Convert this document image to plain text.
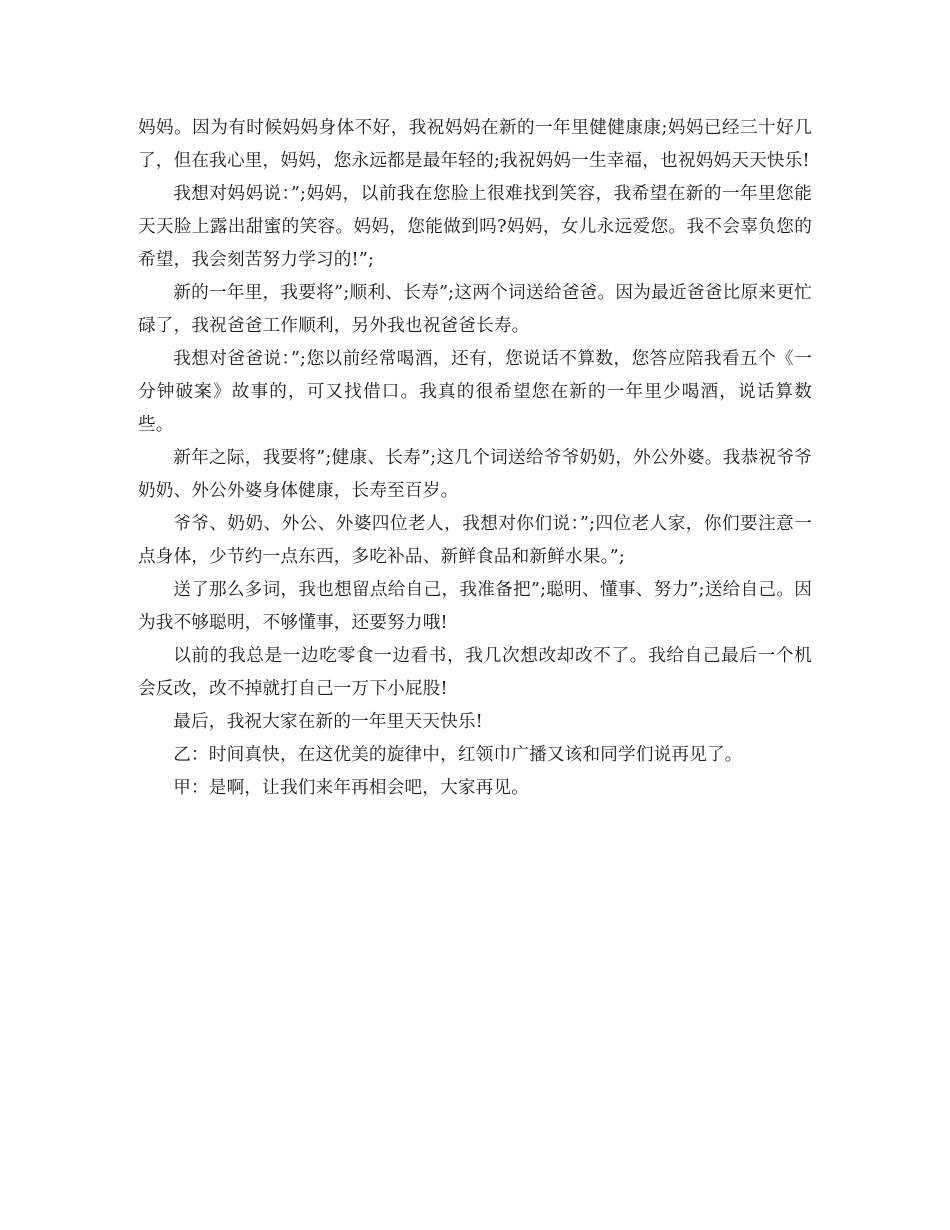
妈妈。因为有时候妈妈身体不好，我祝妈妈在新的一年里健健康康;妈妈已经三十好几了，但在我心里，妈妈，您永远都是最年轻的;我祝妈妈一生幸福，也祝妈妈天天快乐!

我想对妈妈说：”;妈妈，以前我在您脸上很难找到笑容，我希望在新的一年里您能天天脸上露出甜蜜的笑容。妈妈，您能做到吗?妈妈，女儿永远爱您。我不会辜负您的希望，我会刻苦努力学习的!”;

新的一年里，我要将”;顺利、长寿”;这两个词送给爸爸。因为最近爸爸比原来更忙碌了，我祝爸爸工作顺利，另外我也祝爸爸长寿。

我想对爸爸说：”;您以前经常喝酒，还有，您说话不算数，您答应陪我看五个《一分钟破案》故事的，可又找借口。我真的很希望您在新的一年里少喝酒，说话算数些。

新年之际，我要将”;健康、长寿”;这几个词送给爷爷奶奶，外公外婆。我恭祝爷爷奶奶、外公外婆身体健康，长寿至百岁。

爷爷、奶奶、外公、外婆四位老人，我想对你们说：”;四位老人家，你们要注意一点身体，少节约一点东西，多吃补品、新鲜食品和新鲜水果。”;

送了那么多词，我也想留点给自己，我准备把”;聪明、懂事、努力”;送给自己。因为我不够聪明，不够懂事，还要努力哦!

以前的我总是一边吃零食一边看书，我几次想改却改不了。我给自己最后一个机会反改，改不掉就打自己一万下小屁股!

最后，我祝大家在新的一年里天天快乐!

乙：时间真快，在这优美的旋律中，红领巾广播又该和同学们说再见了。

甲：是啊，让我们来年再相会吧，大家再见。
